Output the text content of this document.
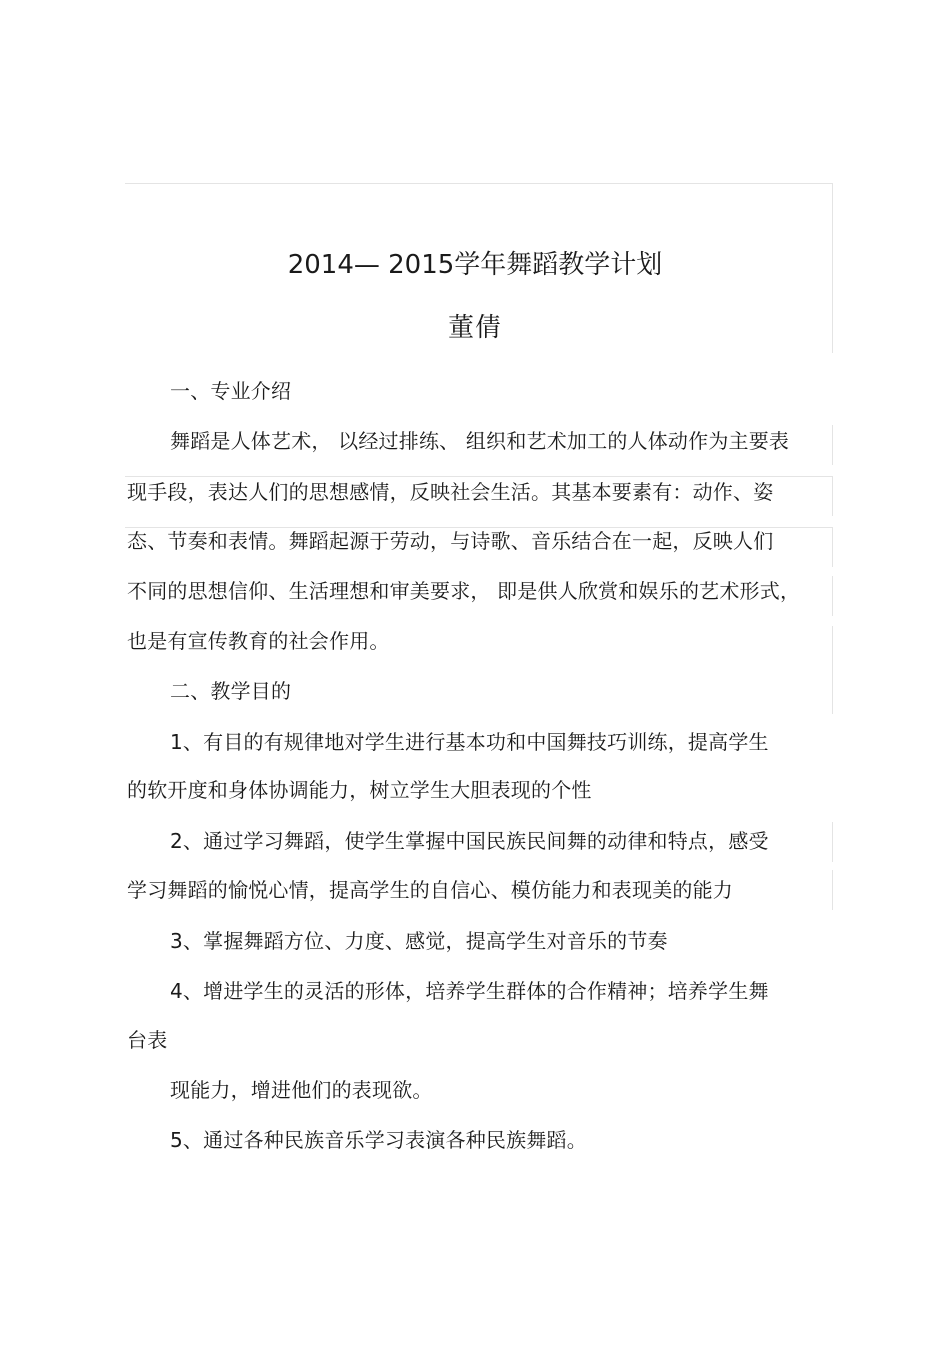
2014— 2015学年舞蹈教学计划
董倩
一、专业介绍
舞蹈是人体艺术， 以经过排练、 组织和艺术加工的人体动作为主要表
现手段，表达人们的思想感情，反映社会生活。其基本要素有：动作、姿
态、节奏和表情。舞蹈起源于劳动，与诗歌、音乐结合在一起，反映人们
不同的思想信仰、生活理想和审美要求， 即是供人欣赏和娱乐的艺术形式，
也是有宣传教育的社会作用。
二、教学目的
1、有目的有规律地对学生进行基本功和中国舞技巧训练，提高学生
的软开度和身体协调能力，树立学生大胆表现的个性
2、通过学习舞蹈，使学生掌握中国民族民间舞的动律和特点，感受
学习舞蹈的愉悦心情，提高学生的自信心、模仿能力和表现美的能力
3、掌握舞蹈方位、力度、感觉，提高学生对音乐的节奏
4、增进学生的灵活的形体，培养学生群体的合作精神；培养学生舞
台表
现能力，增进他们的表现欲。
5、通过各种民族音乐学习表演各种民族舞蹈。
